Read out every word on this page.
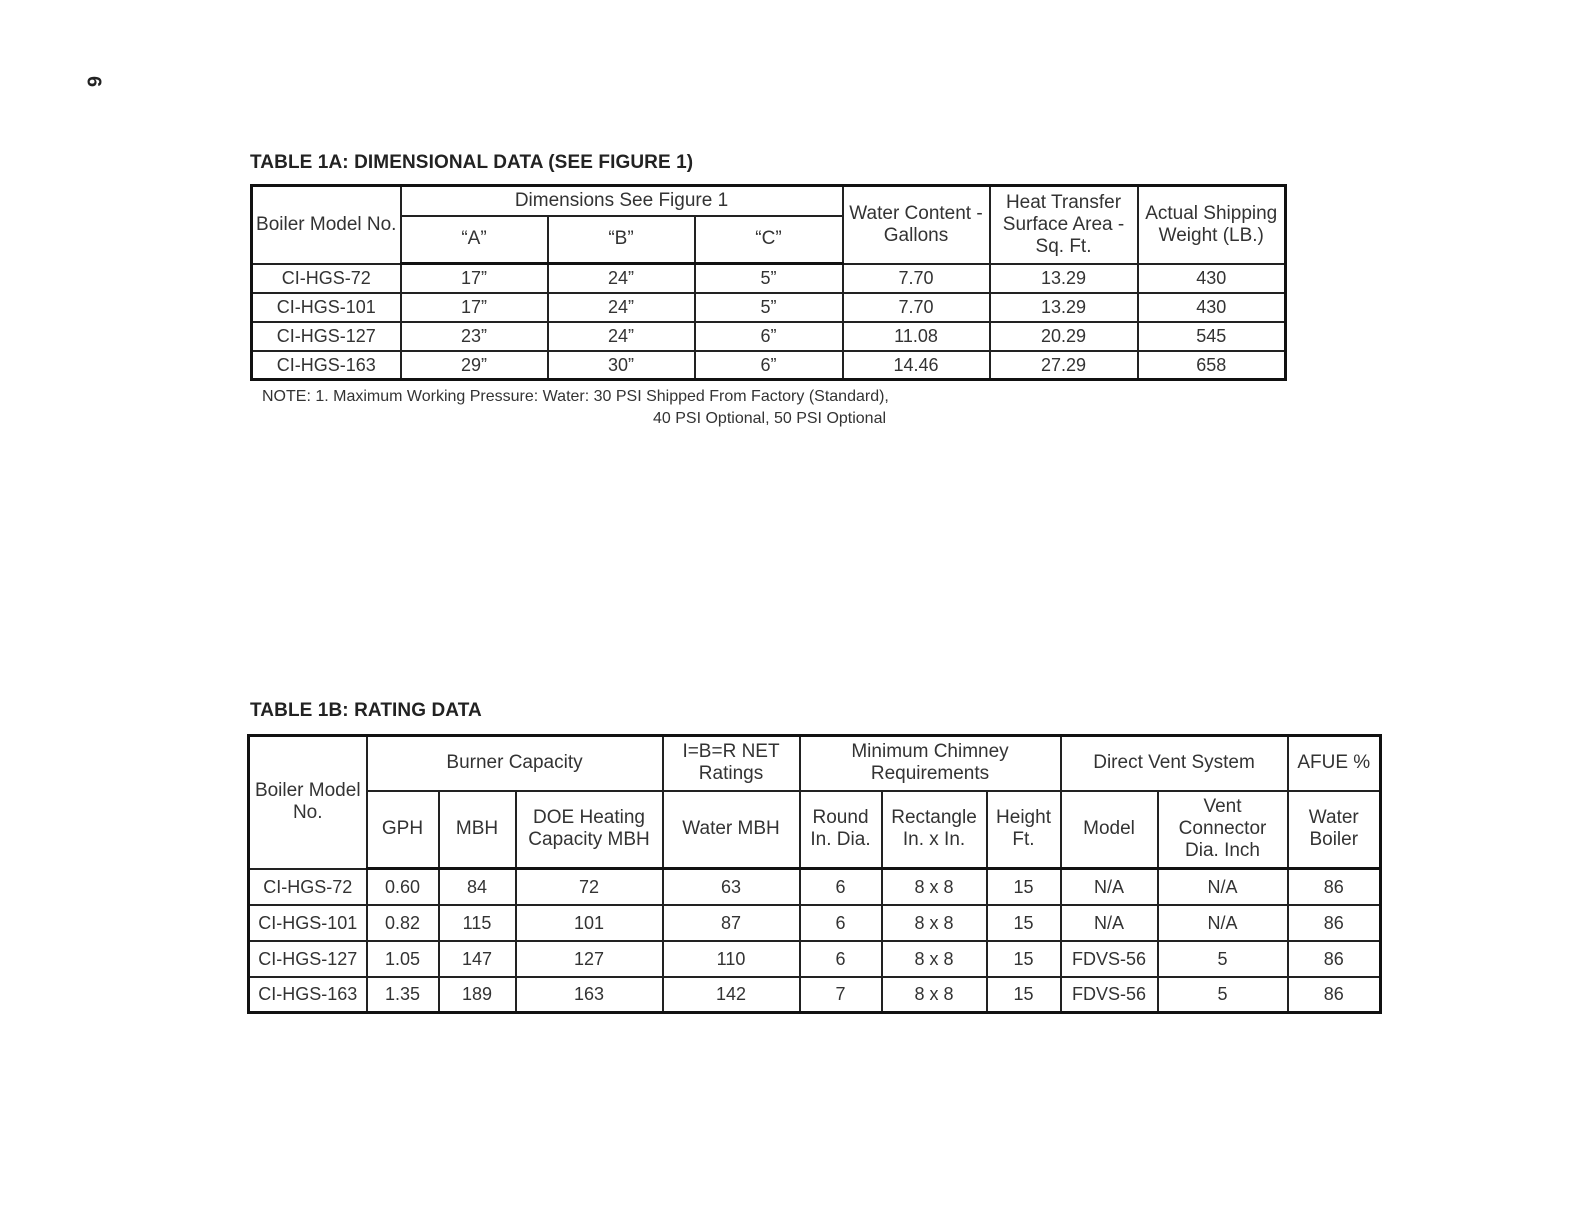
6
TABLE 1A: DIMENSIONAL DATA (SEE FIGURE 1)
Boiler Model No.	Dimensions See Figure 1			Water Content - Gallons	Heat Transfer Surface Area - Sq. Ft.	Actual Shipping Weight (LB.)
	“A”	“B”	“C”			
CI-HGS-72	17”	24”	5”	7.70	13.29	430
CI-HGS-101	17”	24”	5”	7.70	13.29	430
CI-HGS-127	23”	24”	6”	11.08	20.29	545
CI-HGS-163	29”	30”	6”	14.46	27.29	658
NOTE: 1. Maximum Working Pressure: Water: 30 PSI Shipped From Factory (Standard),
40 PSI Optional, 50 PSI Optional
TABLE 1B: RATING DATA
Boiler Model No.	Burner Capacity			I=B=R NET Ratings	Minimum Chimney Requirements			Direct Vent System		AFUE %
	GPH	MBH	DOE Heating Capacity MBH	Water MBH	Round In. Dia.	Rectangle In. x In.	Height Ft.	Model	Vent Connector Dia. Inch	Water Boiler
CI-HGS-72	0.60	84	72	63	6	8 x 8	15	N/A	N/A	86
CI-HGS-101	0.82	115	101	87	6	8 x 8	15	N/A	N/A	86
CI-HGS-127	1.05	147	127	110	6	8 x 8	15	FDVS-56	5	86
CI-HGS-163	1.35	189	163	142	7	8 x 8	15	FDVS-56	5	86
